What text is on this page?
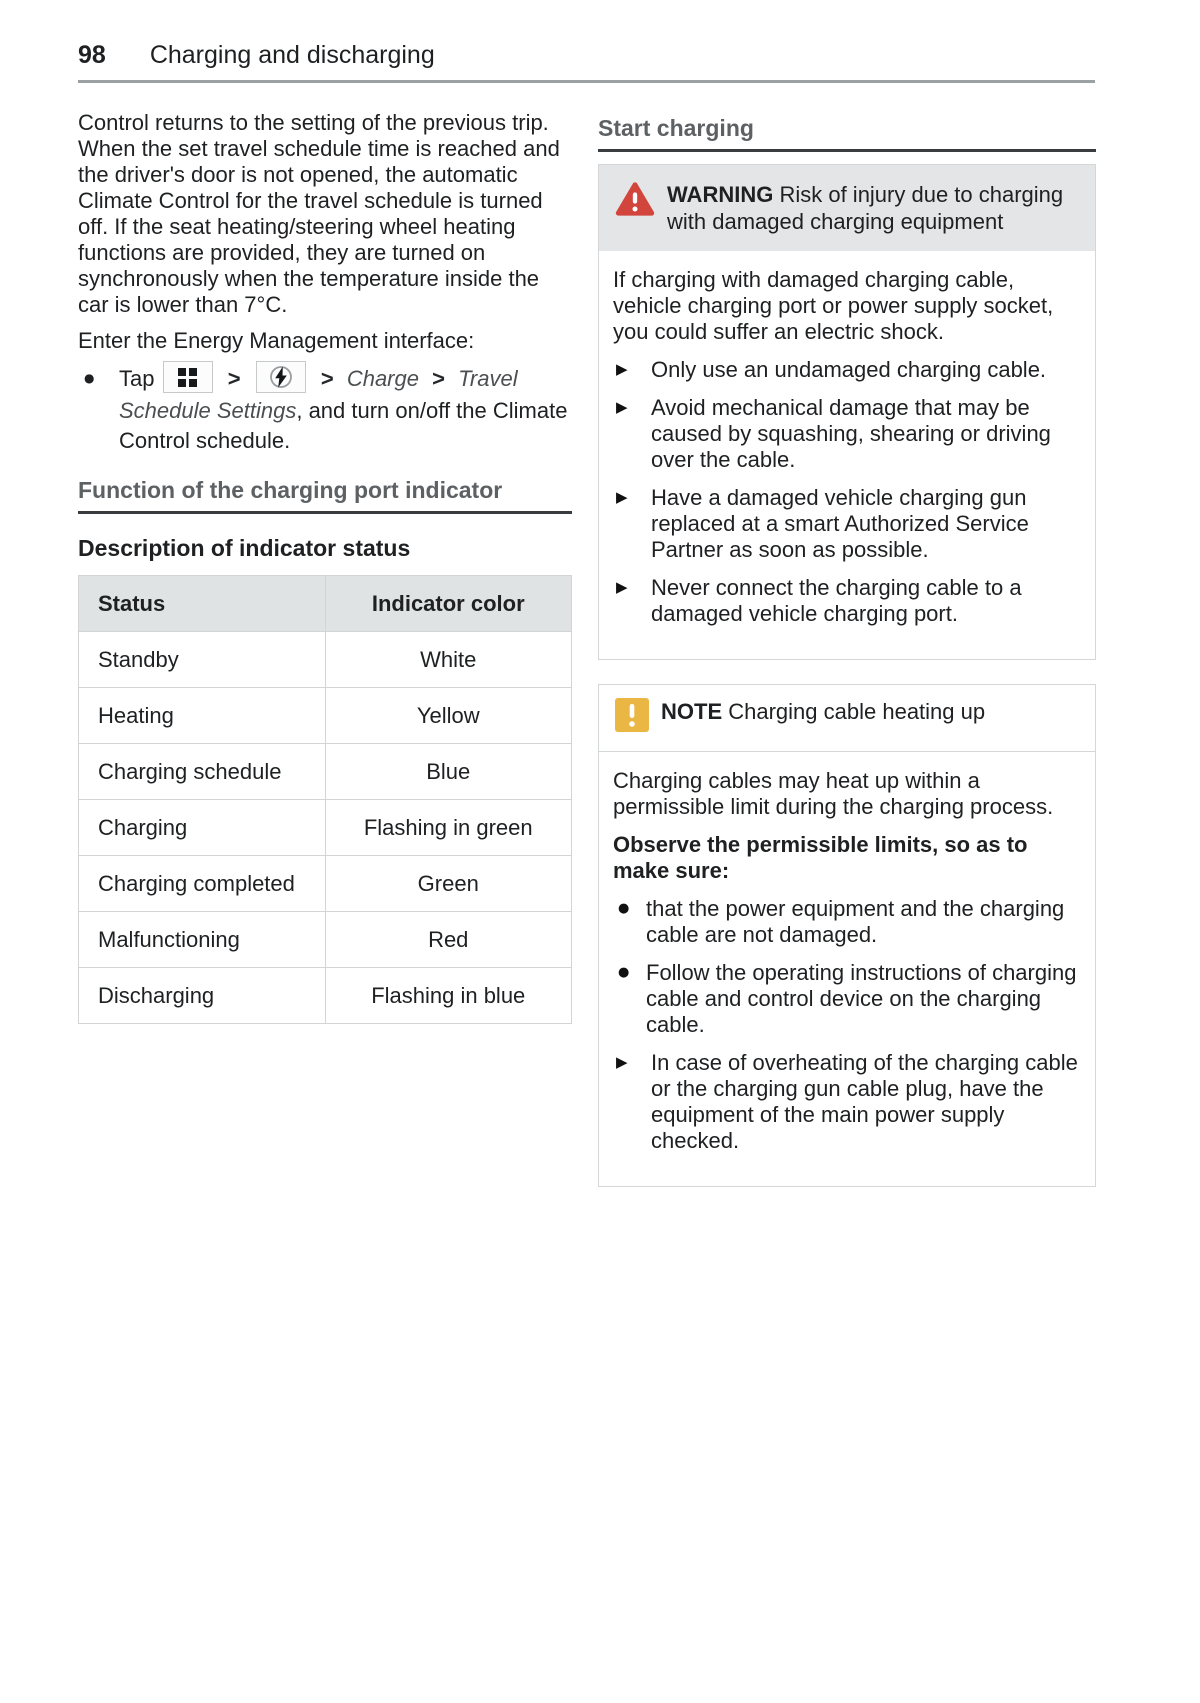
98 Charging and discharging

Control returns to the setting of the previous trip. When the set travel schedule time is reached and the driver's door is not opened, the automatic Climate Control for the travel schedule is turned off. If the seat heating/steering wheel heating functions are provided, they are turned on synchronously when the temperature inside the car is lower than 7°C.

Enter the Energy Management interface:

●	Tap	>	> Charge > Travel Schedule Settings, and turn on/off the Climate Control schedule.
Function of the charging port indicator
Description of indicator status
Status	Indicator color
Standby	White
Heating	Yellow
Charging schedule	Blue
Charging	Flashing in green
Charging completed	Green
Malfunctioning	Red
Discharging	Flashing in blue
Start charging
WARNING Risk of injury due to charging with damaged charging equipment

If charging with damaged charging cable, vehicle charging port or power supply socket, you could suffer an electric shock.

▶	Only use an undamaged charging cable.
▶	Avoid mechanical damage that may be caused by squashing, shearing or driving over the cable.
▶	Have a damaged vehicle charging gun replaced at a smart Authorized Service Partner as soon as possible.
▶	Never connect the charging cable to a damaged vehicle charging port.
NOTE Charging cable heating up

Charging cables may heat up within a permissible limit during the charging process.

Observe the permissible limits, so as to make sure:

● that the power equipment and the charging cable are not damaged.
● Follow the operating instructions of charging cable and control device on the charging cable.
▶	In case of overheating of the charging cable or the charging gun cable plug, have the equipment of the main power supply checked.
